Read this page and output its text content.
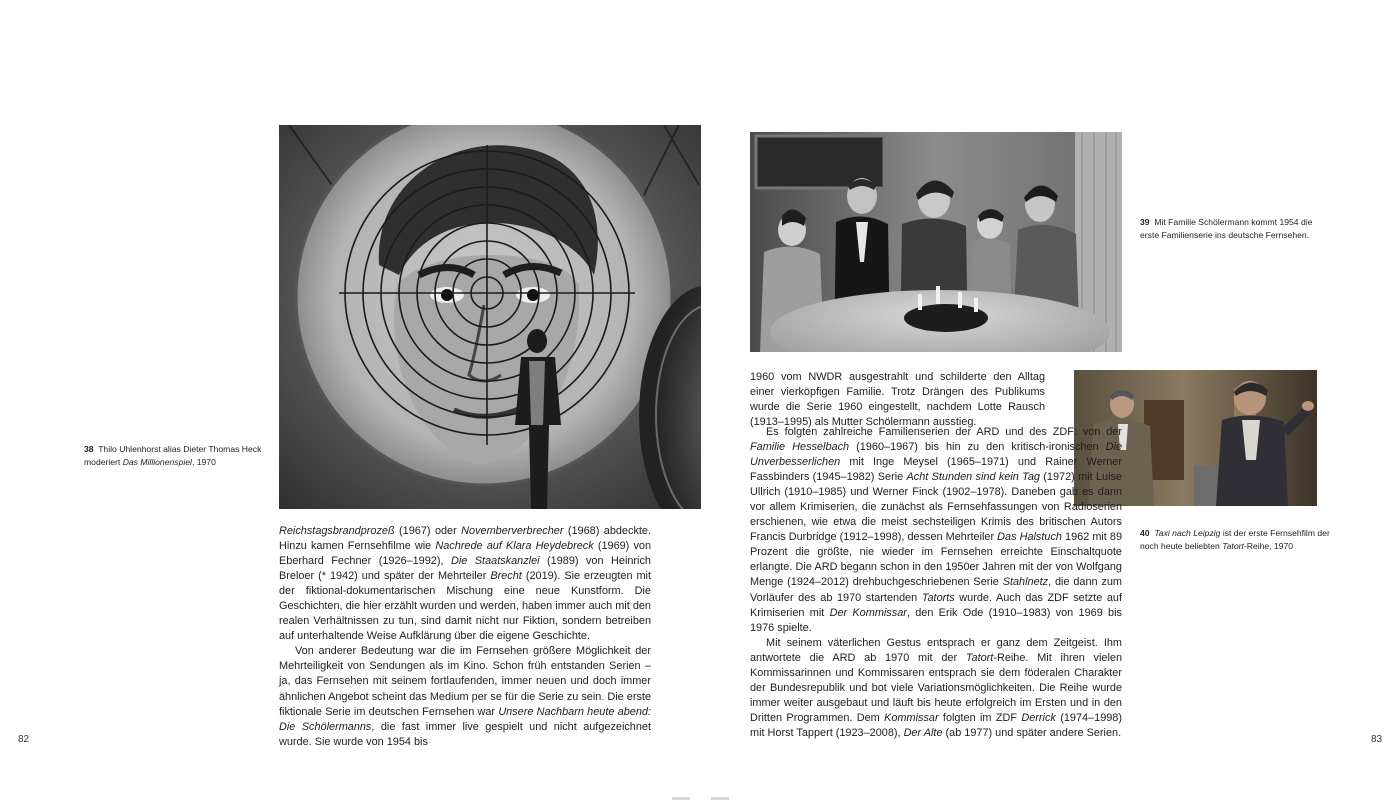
38 Thilo Uhlenhorst alias Dieter Thomas Heck moderiert Das Millionenspiel, 1970

Reichstagsbrandprozeß (1967) oder Novemberverbrecher (1968) abdeckte. Hinzu kamen Fernsehfilme wie Nachrede auf Klara Heydebreck (1969) von Eberhard Fechner (1926–1992), Die Staatskanzlei (1989) von Heinrich Breloer (* 1942) und später der Mehrteiler Brecht (2019). Sie erzeugten mit der fiktional-dokumentarischen Mischung eine neue Kunstform. Die Geschichten, die hier erzählt wurden und werden, haben immer auch mit den realen Verhältnissen zu tun, sind damit nicht nur Fiktion, sondern betreiben auf unterhaltende Weise Aufklärung über die eigene Geschichte.

Von anderer Bedeutung war die im Fernsehen größere Möglichkeit der Mehrteiligkeit von Sendungen als im Kino. Schon früh entstanden Serien – ja, das Fernsehen mit seinem fortlaufenden, immer neuen und doch immer ähnlichen Angebot scheint das Medium per se für die Serie zu sein. Die erste fiktionale Serie im deutschen Fernsehen war Unsere Nachbarn heute abend: Die Schölermanns, die fast immer live gespielt und nicht aufgezeichnet wurde. Sie wurde von 1954 bis

82
39 Mit Familie Schölermann kommt 1954 die erste Familienserie ins deutsche Fernsehen.
40 Taxi nach Leipzig ist der erste Fernsehfilm der noch heute beliebten Tatort-Reihe, 1970

1960 vom NWDR ausgestrahlt und schilderte den Alltag einer vierköpfigen Familie. Trotz Drängen des Publikums wurde die Serie 1960 eingestellt, nachdem Lotte Rausch (1913–1995) als Mutter Schölermann ausstieg.

Es folgten zahlreiche Familienserien der ARD und des ZDF: von der Familie Hesselbach (1960–1967) bis hin zu den kritisch-ironischen Die Unverbesserlichen mit Inge Meysel (1965–1971) und Rainer Werner Fassbinders (1945–1982) Serie Acht Stunden sind kein Tag (1972) mit Luise Ullrich (1910–1985) und Werner Finck (1902–1978). Daneben gab es dann vor allem Krimiserien, die zunächst als Fernsehfassungen von Radioserien erschienen, wie etwa die meist sechsteiligen Krimis des britischen Autors Francis Durbridge (1912–1998), dessen Mehrteiler Das Halstuch 1962 mit 89 Prozent die größte, nie wieder im Fernsehen erreichte Einschaltquote erlangte. Die ARD begann schon in den 1950er Jahren mit der von Wolfgang Menge (1924–2012) drehbuchgeschriebenen Serie Stahlnetz, die dann zum Vorläufer des ab 1970 startenden Tatorts wurde. Auch das ZDF setzte auf Krimiserien mit Der Kommissar, den Erik Ode (1910–1983) von 1969 bis 1976 spielte.

Mit seinem väterlichen Gestus entsprach er ganz dem Zeitgeist. Ihm antwortete die ARD ab 1970 mit der Tatort-Reihe. Mit ihren vielen Kommissarinnen und Kommissaren entsprach sie dem föderalen Charakter der Bundesrepublik und bot viele Variationsmöglichkeiten. Die Reihe wurde immer weiter ausgebaut und läuft bis heute erfolgreich im Ersten und in den Dritten Programmen. Dem Kommissar folgten im ZDF Derrick (1974–1998) mit Horst Tappert (1923–2008), Der Alte (ab 1977) und später andere Serien.

83
